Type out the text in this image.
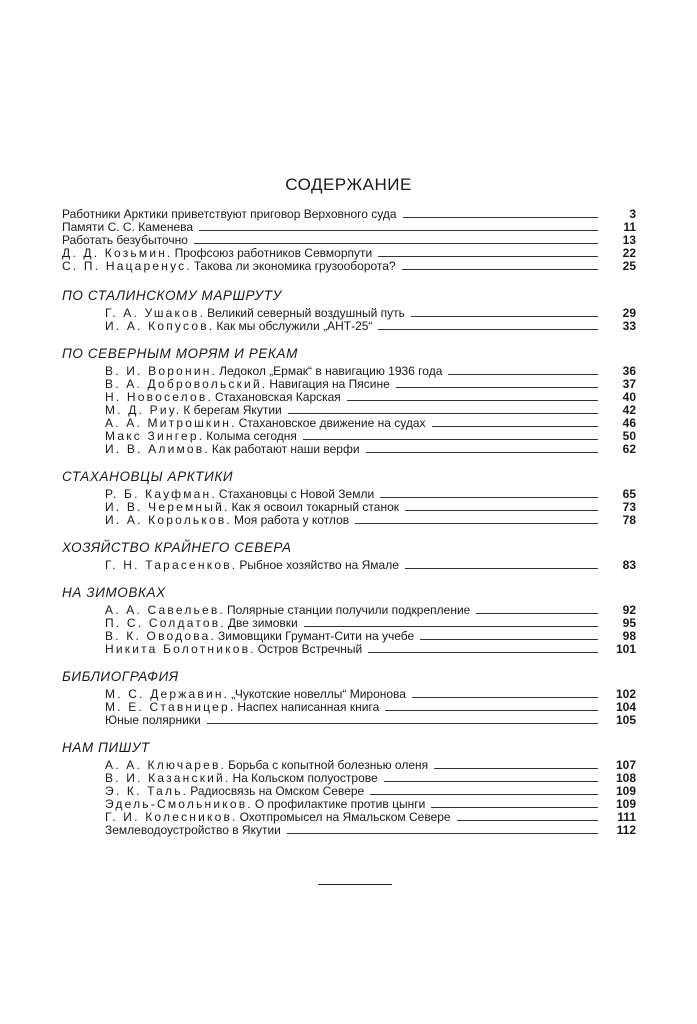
СОДЕРЖАНИЕ
Работники Арктики приветствуют приговор Верховного суда	3
Памяти С. С. Каменева	11
Работать безубыточно	13
Д. Д. Козьмин. Профсоюз работников Севморпути	22
С. П. Нацаренус. Такова ли экономика грузооборота?	25
ПО СТАЛИНСКОМУ МАРШРУТУ
Г. А. Ушаков. Великий северный воздушный путь	29
И. А. Копусов. Как мы обслужили „АНТ-25“	33
ПО СЕВЕРНЫМ МОРЯМ И РЕКАМ
В. И. Воронин. Ледокол „Ермак“ в навигацию 1936 года	36
В. А. Добровольский. Навигация на Пясине	37
Н. Новоселов. Стахановская Карская	40
М. Д. Риу. К берегам Якутии	42
А. А. Митрошкин. Стахановское движение на судах	46
Макс Зингер. Колыма сегодня	50
И. В. Алимов. Как работают наши верфи	62
СТАХАНОВЦЫ АРКТИКИ
Р. Б. Кауфман. Стахановцы с Новой Земли	65
И. В. Черемный. Как я освоил токарный станок	73
И. А. Корольков. Моя работа у котлов	78
ХОЗЯЙСТВО КРАЙНЕГО СЕВЕРА
Г. Н. Тарасенков. Рыбное хозяйство на Ямале	83
НА ЗИМОВКАХ
А. А. Савельев. Полярные станции получили подкрепление	92
П. С. Солдатов. Две зимовки	95
В. К. Оводова. Зимовщики Грумант-Сити на учебе	98
Никита Болотников. Остров Встречный	101
БИБЛИОГРАФИЯ
М. С. Державин. „Чукотские новеллы“ Миронова	102
М. Е. Ставницер. Наспех написанная книга	104
Юные полярники	105
НАМ ПИШУТ
А. А. Ключарев. Борьба с копытной болезнью оленя	107
В. И. Казанский. На Кольском полуострове	108
Э. К. Таль. Радиосвязь на Омском Севере	109
Эдель-Смольников. О профилактике против цынги	109
Г. И. Колесников. Охотпромысел на Ямальском Севере	111
Землеводоустройство в Якутии	112
